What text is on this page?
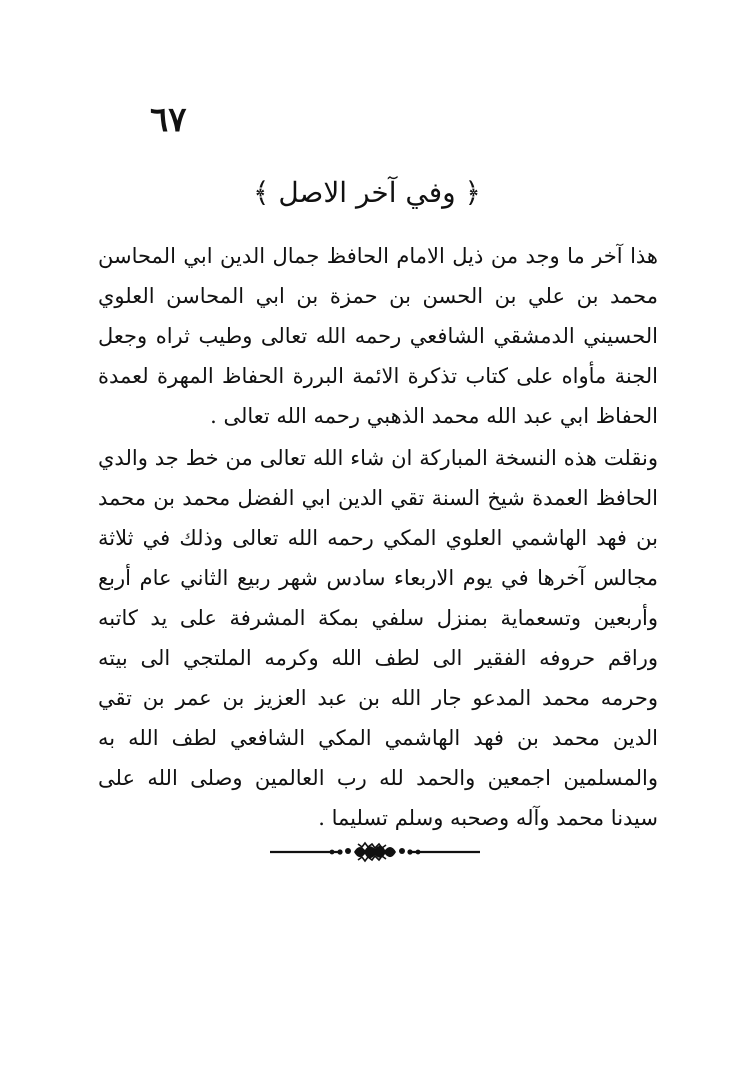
٦٧
﴿ وفي آخر الاصل ﴾
هذا آخر ما وجد من ذيل الامام الحافظ جمال الدين ابي المحاسن محمد بن علي بن الحسن بن حمزة بن ابي المحاسن العلوي الحسيني الدمشقي الشافعي رحمه الله تعالى وطيب ثراه وجعل الجنة مأواه على كتاب تذكرة الائمة البررة الحفاظ المهرة لعمدة الحفاظ ابي عبد الله محمد الذهبي رحمه الله تعالى .
ونقلت هذه النسخة المباركة ان شاء الله تعالى من خط جد والدي الحافظ العمدة شيخ السنة تقي الدين ابي الفضل محمد بن محمد بن فهد الهاشمي العلوي المكي رحمه الله تعالى وذلك في ثلاثة مجالس آخرها في يوم الاربعاء سادس شهر ربيع الثاني عام أربع وأربعين وتسعماية بمنزل سلفي بمكة المشرفة على يد كاتبه وراقم حروفه الفقير الى لطف الله وكرمه الملتجي الى بيته وحرمه محمد المدعو جار الله بن عبد العزيز بن عمر بن تقي الدين محمد بن فهد الهاشمي المكي الشافعي لطف الله به والمسلمين اجمعين والحمد لله رب العالمين وصلى الله على سيدنا محمد وآله وصحبه وسلم تسليما .
